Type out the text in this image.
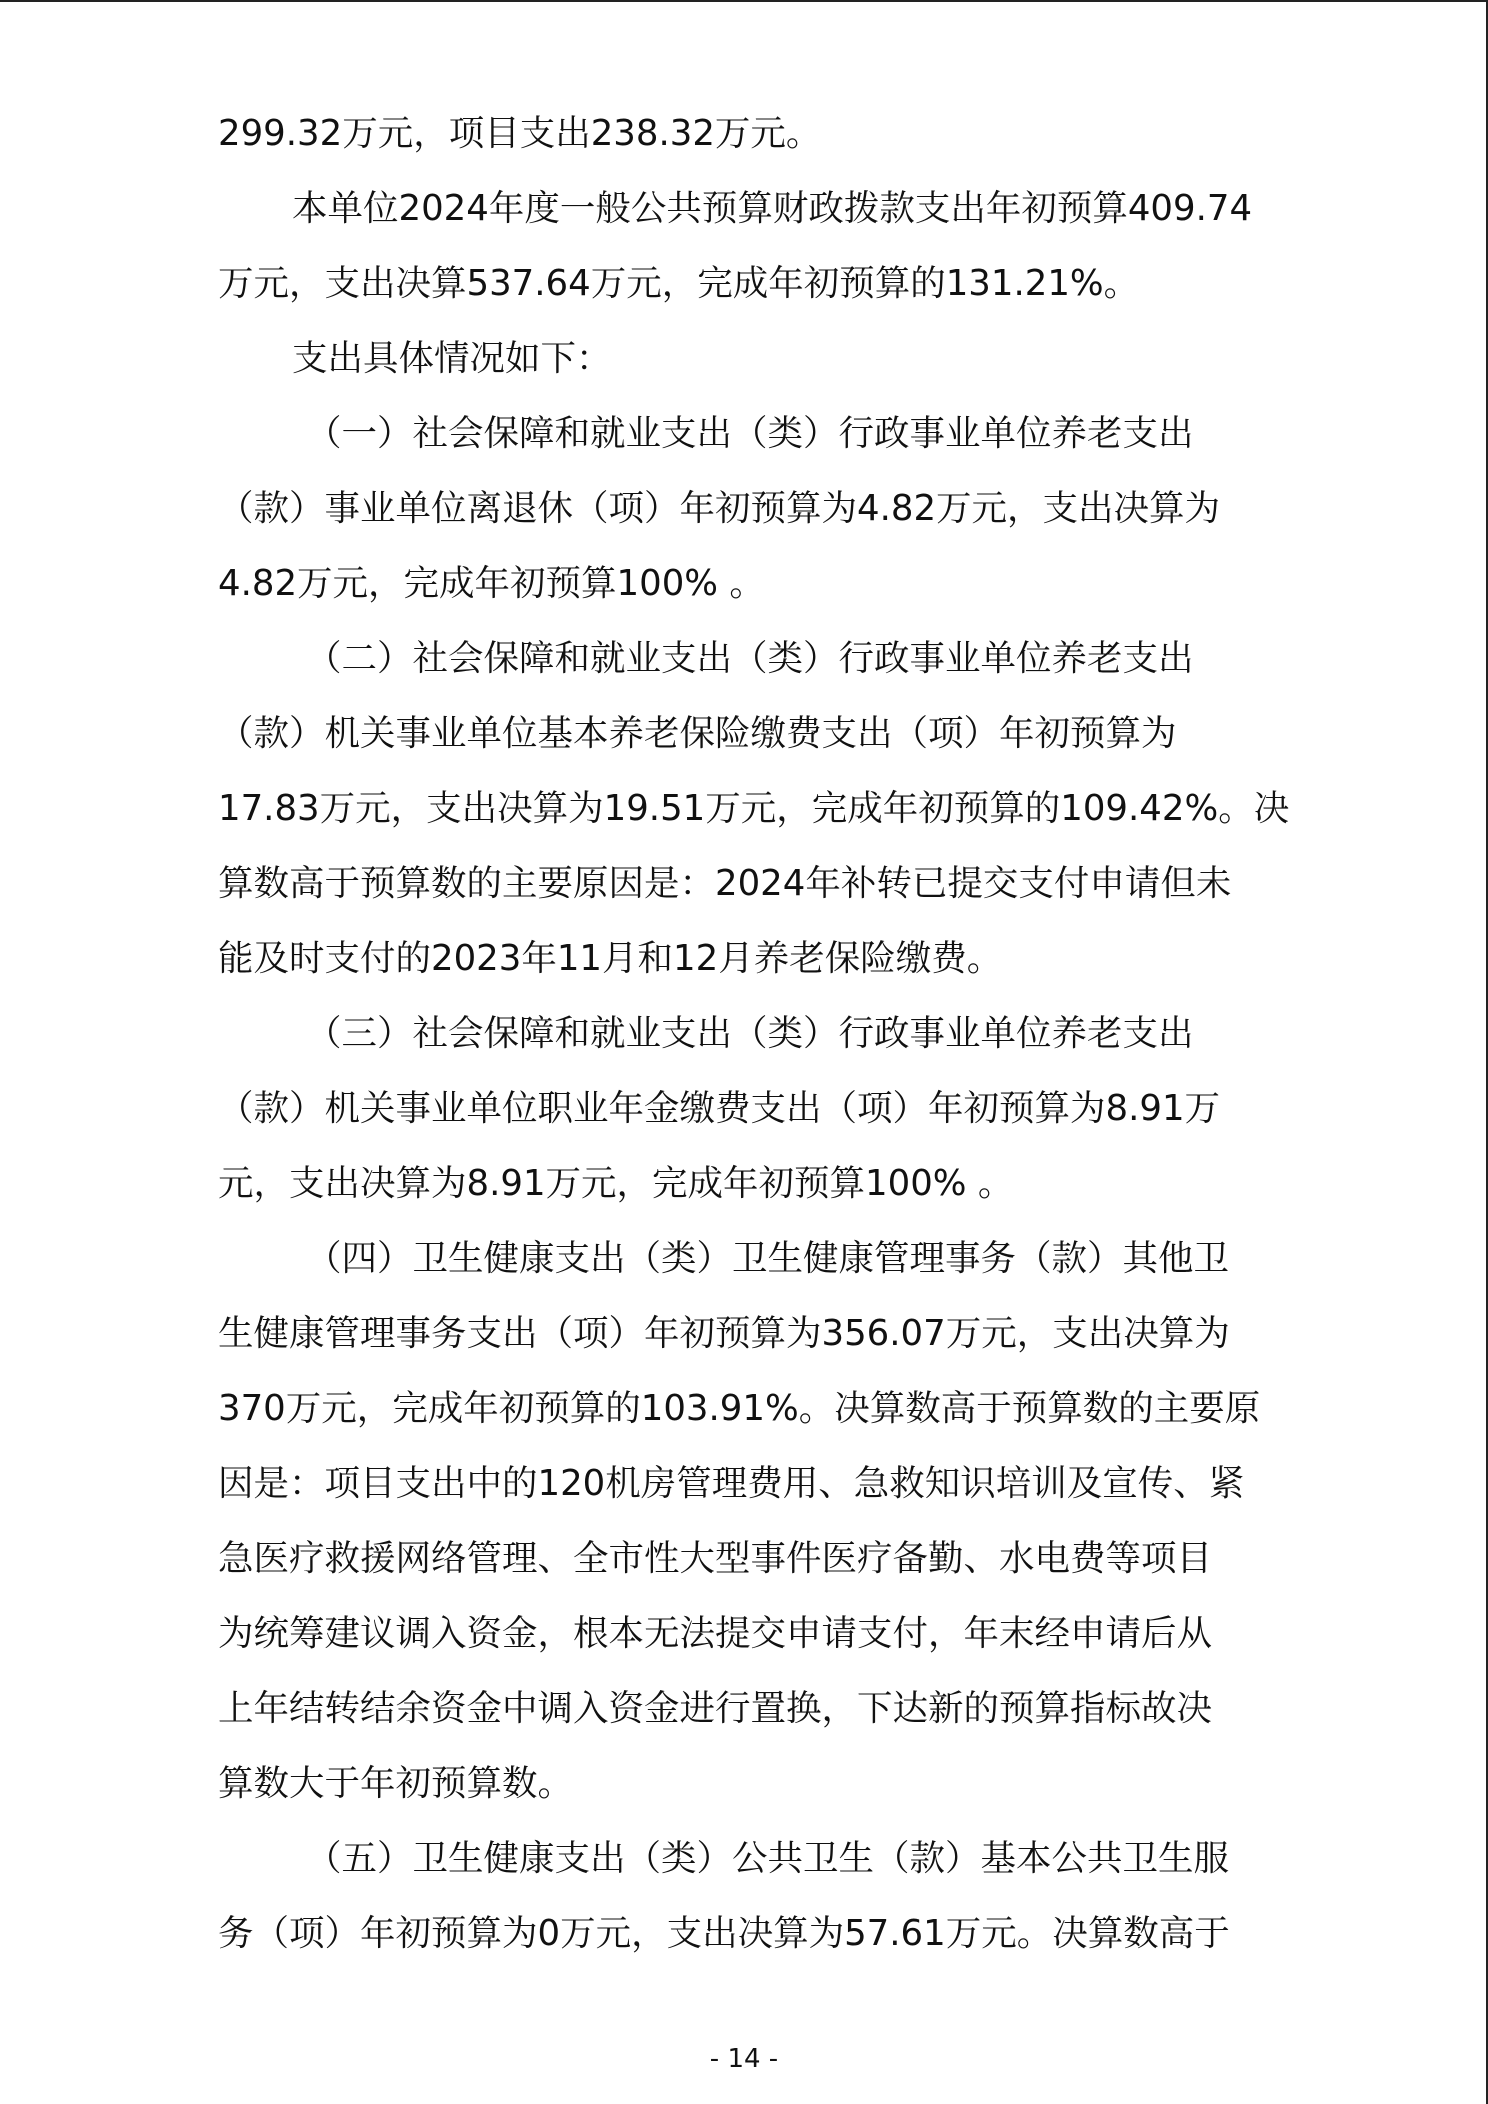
299.32万元，项目支出238.32万元。
本单位2024年度一般公共预算财政拨款支出年初预算409.74
万元，支出决算537.64万元，完成年初预算的131.21%。
支出具体情况如下：
（一）社会保障和就业支出（类）行政事业单位养老支出
（款）事业单位离退休（项）年初预算为4.82万元，支出决算为
4.82万元，完成年初预算100% 。
（二）社会保障和就业支出（类）行政事业单位养老支出
（款）机关事业单位基本养老保险缴费支出（项）年初预算为
17.83万元，支出决算为19.51万元，完成年初预算的109.42%。决
算数高于预算数的主要原因是：2024年补转已提交支付申请但未
能及时支付的2023年11月和12月养老保险缴费。
（三）社会保障和就业支出（类）行政事业单位养老支出
（款）机关事业单位职业年金缴费支出（项）年初预算为8.91万
元，支出决算为8.91万元，完成年初预算100% 。
（四）卫生健康支出（类）卫生健康管理事务（款）其他卫
生健康管理事务支出（项）年初预算为356.07万元，支出决算为
370万元，完成年初预算的103.91%。决算数高于预算数的主要原
因是：项目支出中的120机房管理费用、急救知识培训及宣传、紧
急医疗救援网络管理、全市性大型事件医疗备勤、水电费等项目
为统筹建议调入资金，根本无法提交申请支付，年末经申请后从
上年结转结余资金中调入资金进行置换，下达新的预算指标故决
算数大于年初预算数。
（五）卫生健康支出（类）公共卫生（款）基本公共卫生服
务（项）年初预算为0万元，支出决算为57.61万元。决算数高于
- 14 -
